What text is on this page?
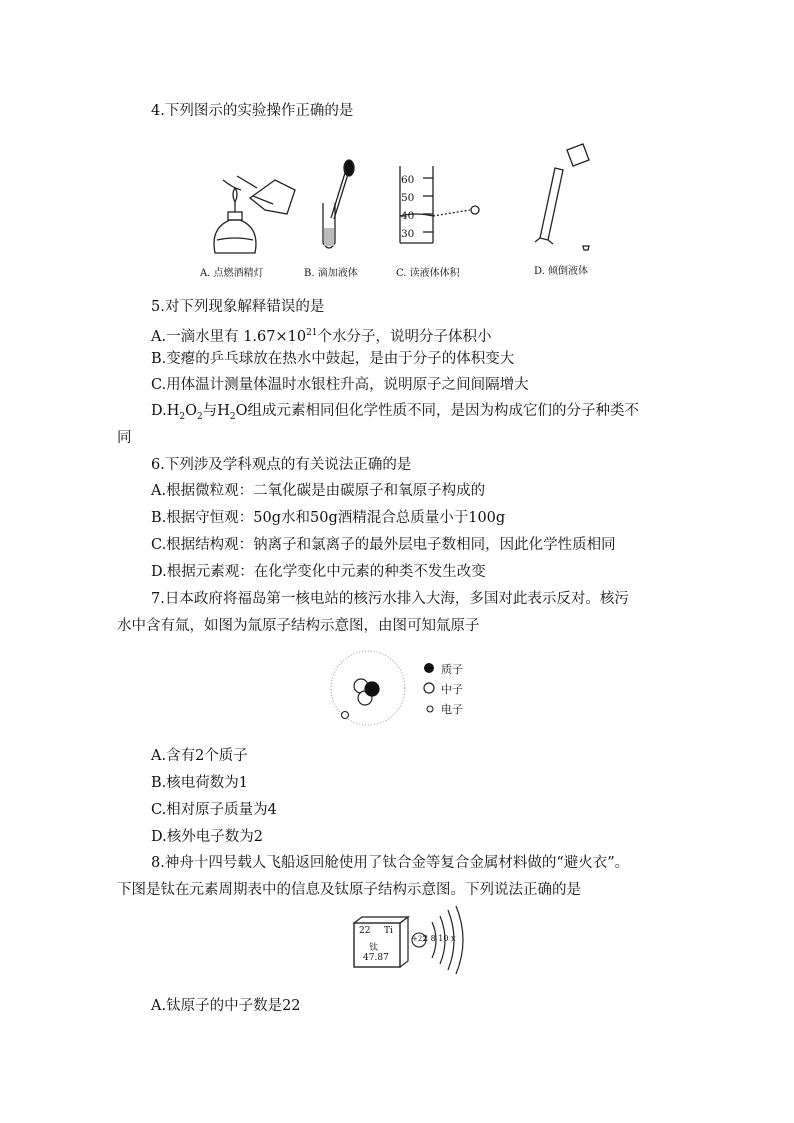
4.下列图示的实验操作正确的是
60
50
40
30
A. 点燃酒精灯	B. 滴加液体	C. 读液体体积	D. 倾倒液体
5.对下列现象解释错误的是
A.一滴水里有 $1.67\times 10^{21}$个水分子，说明分子体积小
B.变瘪的乒乓球放在热水中鼓起，是由于分子的体积变大
C.用体温计测量体温时水银柱升高，说明原子之间间隔增大
$D.H_2O_2$与$H_2O$组成元素相同但化学性质不同，是因为构成它们的分子种类不
同
6.下列涉及学科观点的有关说法正确的是
A.根据微粒观：二氧化碳是由碳原子和氧原子构成的
B.根据守恒观：50g水和50g酒精混合总质量小于100g
C.根据结构观：钠离子和氯离子的最外层电子数相同，因此化学性质相同
D.根据元素观：在化学变化中元素的种类不发生改变
7.日本政府将福岛第一核电站的核污水排入大海，多国对此表示反对。核污
水中含有氚，如图为氚原子结构示意图，由图可知氚原子
质子
中子
电子
A.含有2个质子
B.核电荷数为1
C.相对原子质量为4
D.核外电子数为2
8.神舟十四号载人飞船返回舱使用了钛合金等复合金属材料做的“避火衣”。
下图是钛在元素周期表中的信息及钛原子结构示意图。下列说法正确的是
22 Ti
钛
47.87
+22
2 8 10 x
A.钛原子的中子数是22
